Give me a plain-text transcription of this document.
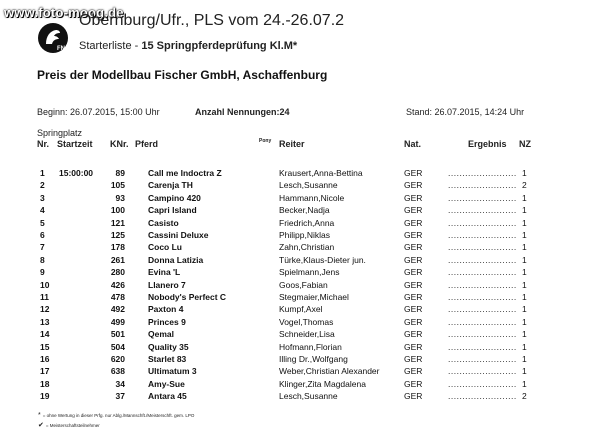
www.foto-moog.de
FN
Obernburg/Ufr., PLS vom 24.-26.07.2
Starterliste - 15 Springpferdeprüfung Kl.M*
Preis der Modellbau Fischer GmbH, Aschaffenburg
Beginn: 26.07.2015, 15:00 Uhr	Anzahl Nennungen:24	Stand: 26.07.2015, 14:24 Uhr
Springplatz
Nr. Startzeit KNr. Pferd	Pony Reiter	Nat.	Ergebnis NZ
1 15:00:00	89	Call me Indoctra Z	Krausert,Anna-Bettina	GER	........................ 1
2	105	Carenja TH	Lesch,Susanne	GER	........................ 2
3	93	Campino 420	Hammann,Nicole	GER	........................ 1
4	100	Capri Island	Becker,Nadja	GER	........................ 1
5	121	Casisto	Friedrich,Anna	GER	........................ 1
6	125	Cassini Deluxe	Philipp,Niklas	GER	........................ 1
7	178	Coco Lu	Zahn,Christian	GER	........................ 1
8	261	Donna Latizia	Türke,Klaus-Dieter jun.	GER	........................ 1
9	280	Evina 'L	Spielmann,Jens	GER	........................ 1
10	426	Llanero 7	Goos,Fabian	GER	........................ 1
11	478	Nobody's Perfect C	Stegmaier,Michael	GER	........................ 1
12	492	Paxton 4	Kumpf,Axel	GER	........................ 1
13	499	Princes 9	Vogel,Thomas	GER	........................ 1
14	501	Qemal	Schneider,Lisa	GER	........................ 1
15	504	Quality 35	Hofmann,Florian	GER	........................ 1
16	620	Starlet 83	Illing Dr.,Wolfgang	GER	........................ 1
17	638	Ultimatum 3	Weber,Christian Alexander	GER	........................ 1
18	34	Amy-Sue	Klinger,Zita Magdalena	GER	........................ 1
19	37	Antara 45	Lesch,Susanne	GER	........................ 2
* = ohne Wertung in dieser Prfg. nur Ablg./Mannschft./Meisterschft. gem. LPO
✔ = Meisterschaftsteilnehmer
